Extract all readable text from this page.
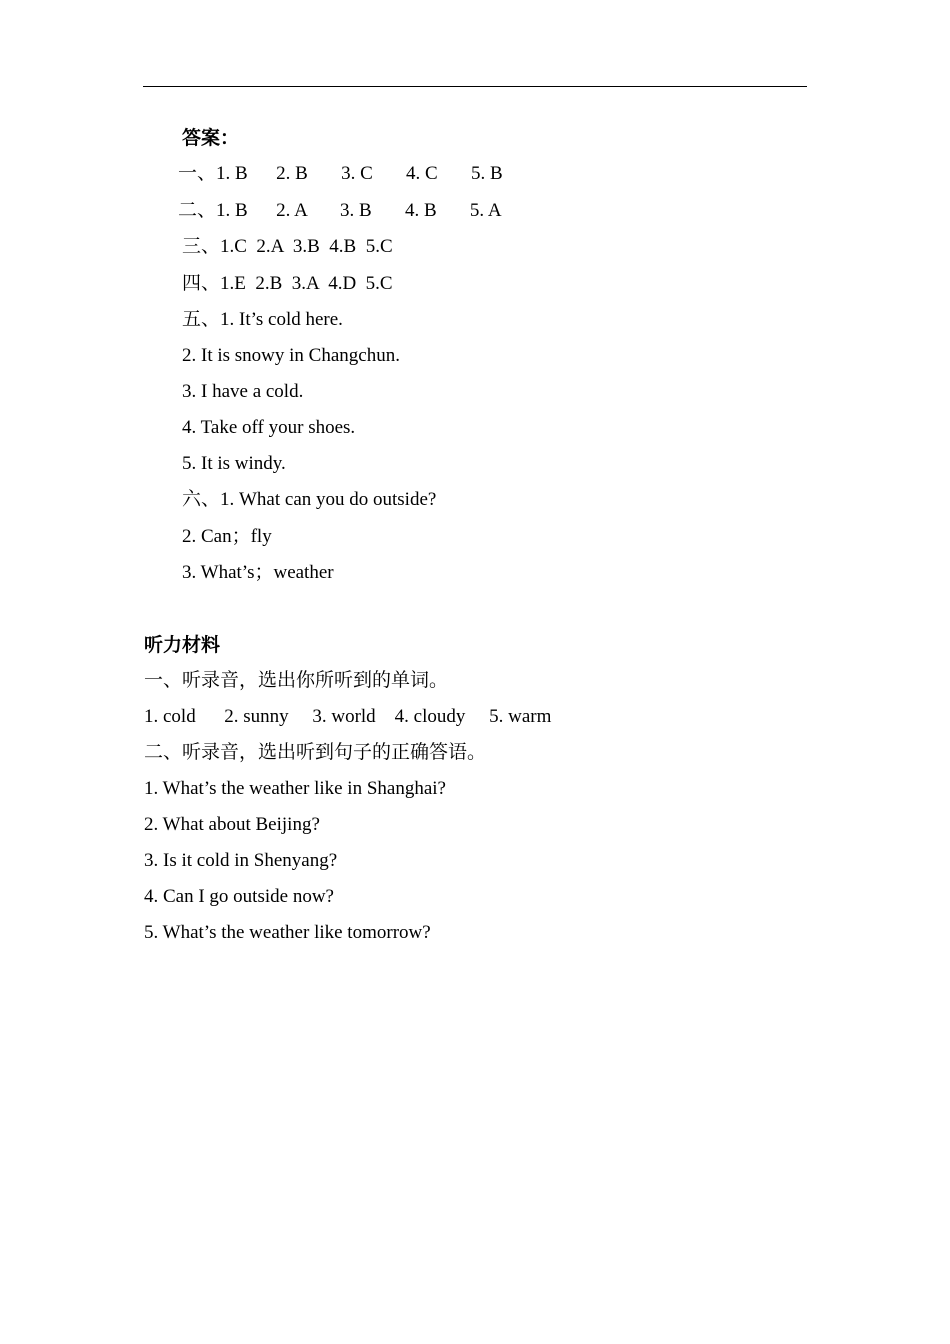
答案：
一、1. B      2. B       3. C       4. C       5. B
二、1. B      2. A       3. B       4. B       5. A
三、1.C  2.A  3.B  4.B  5.C
四、1.E  2.B  3.A  4.D  5.C
五、1. It’s cold here.
2. It is snowy in Changchun.
3. I have a cold.
4. Take off your shoes.
5. It is windy.
六、1. What can you do outside?
2. Can；fly
3. What’s；weather
听力材料
一、听录音，选出你所听到的单词。
1. cold      2. sunny     3. world    4. cloudy     5. warm
二、听录音，选出听到句子的正确答语。
1. What’s the weather like in Shanghai?
2. What about Beijing?
3. Is it cold in Shenyang?
4. Can I go outside now?
5. What’s the weather like tomorrow?
